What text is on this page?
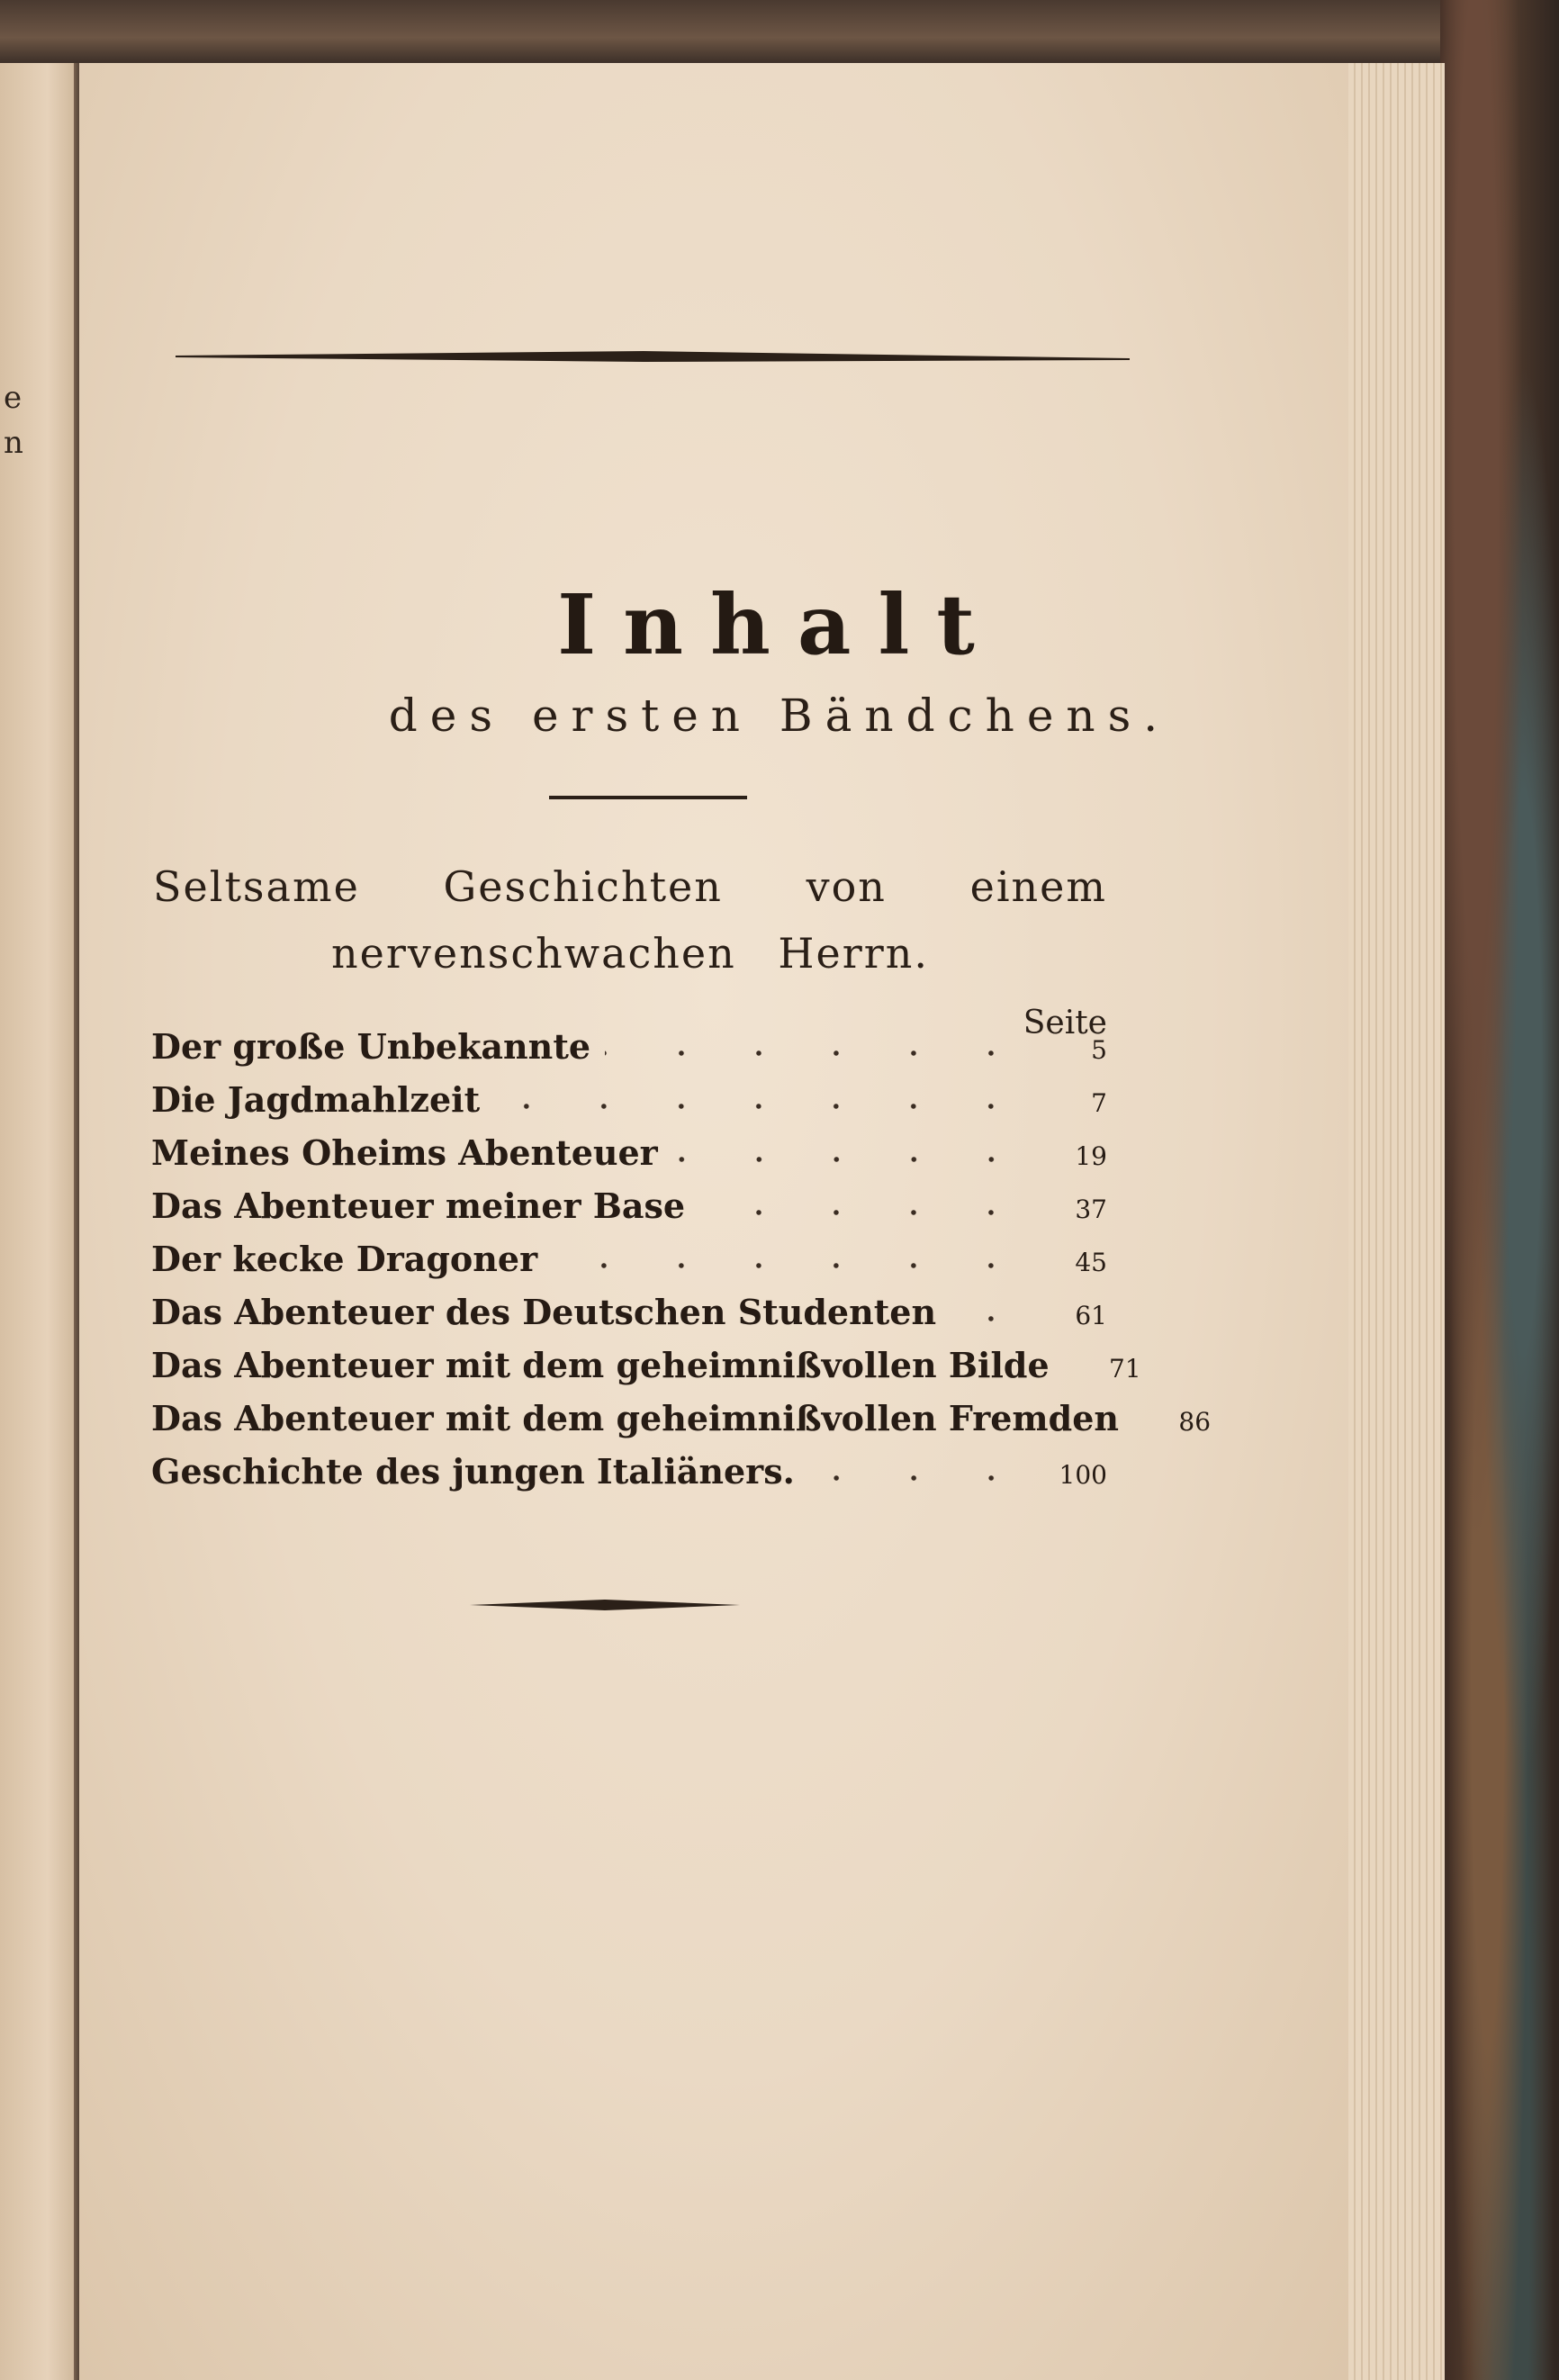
e
n
Inhalt
des ersten Bändchens.
Seltsame Geschichten von einem nervenschwachen Herrn.
Seite
Der große Unbekannte	5
Die Jagdmahlzeit	7
Meines Oheims Abenteuer	19
Das Abenteuer meiner Base	37
Der kecke Dragoner	45
Das Abenteuer des Deutschen Studenten	61
Das Abenteuer mit dem geheimnißvollen Bilde	71
Das Abenteuer mit dem geheimnißvollen Fremden	86
Geschichte des jungen Italiäners.	100
